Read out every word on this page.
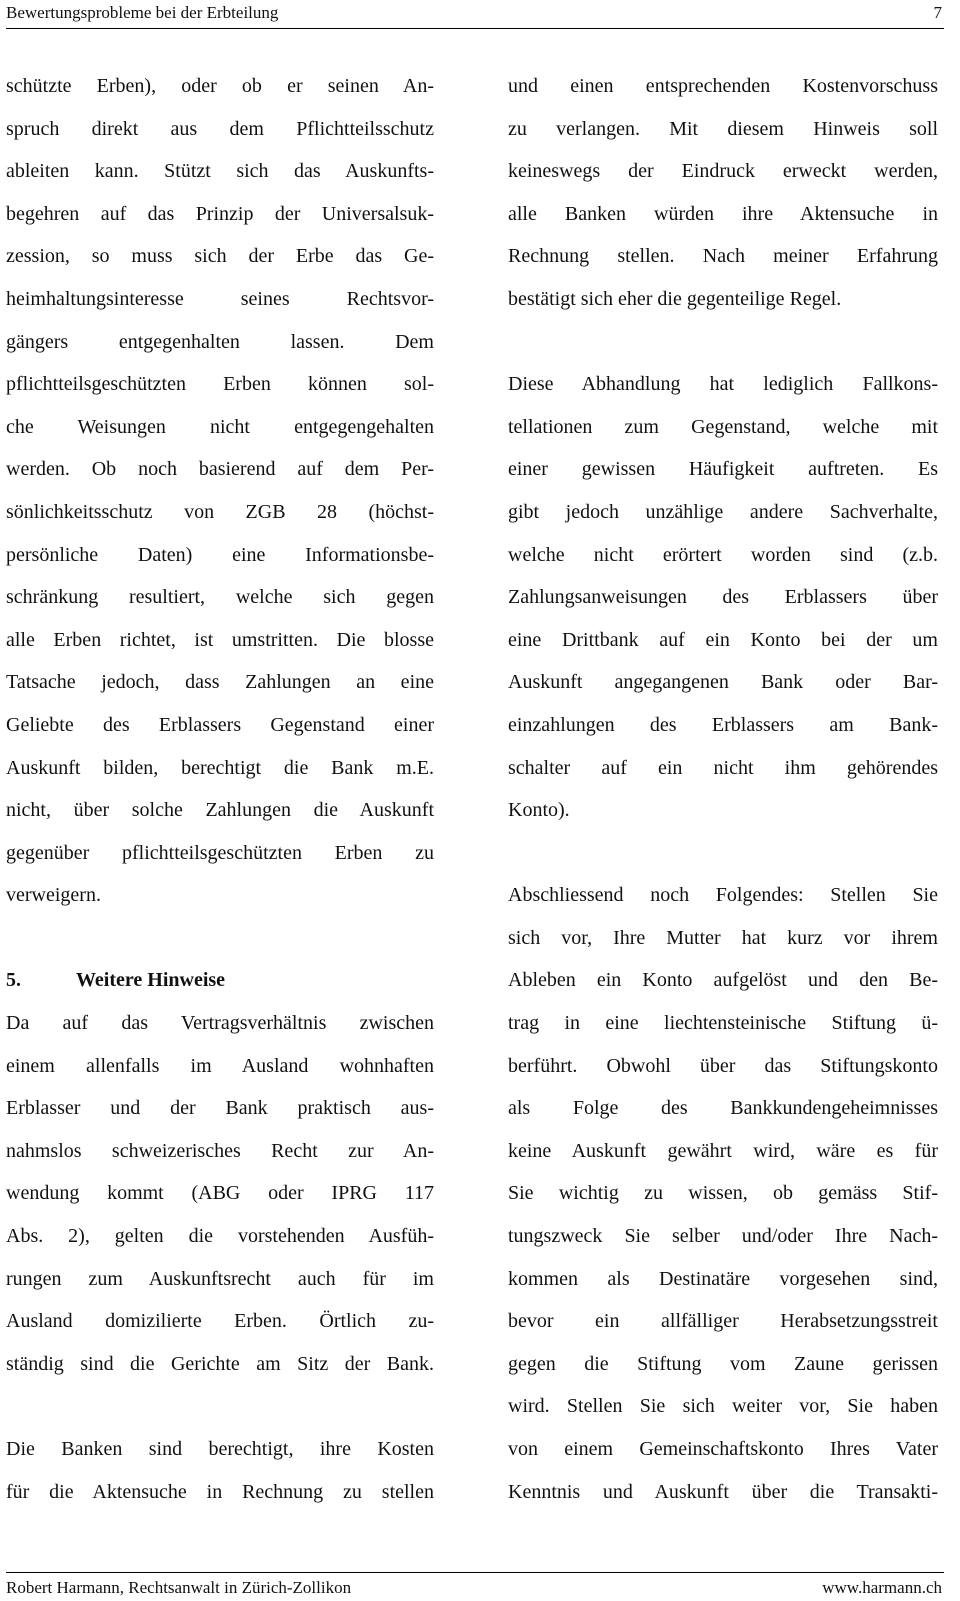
Bewertungsprobleme bei der Erbteilung	7
schützte Erben), oder ob er seinen An-
spruch direkt aus dem Pflichtteilsschutz
ableiten kann. Stützt sich das Auskunfts-
begehren auf das Prinzip der Universalsuk-
zession, so muss sich der Erbe das Ge-
heimhaltungsinteresse seines Rechtsvor-
gängers entgegenhalten lassen. Dem
pflichtteilsgeschützten Erben können sol-
che Weisungen nicht entgegengehalten
werden. Ob noch basierend auf dem Per-
sönlichkeitsschutz von ZGB 28 (höchst-
persönliche Daten) eine Informationsbe-
schränkung resultiert, welche sich gegen
alle Erben richtet, ist umstritten. Die blosse
Tatsache jedoch, dass Zahlungen an eine
Geliebte des Erblassers Gegenstand einer
Auskunft bilden, berechtigt die Bank m.E.
nicht, über solche Zahlungen die Auskunft
gegenüber pflichtteilsgeschützten Erben zu
verweigern.
5.	Weitere Hinweise
Da auf das Vertragsverhältnis zwischen
einem allenfalls im Ausland wohnhaften
Erblasser und der Bank praktisch aus-
nahmslos schweizerisches Recht zur An-
wendung kommt (ABG oder IPRG 117
Abs. 2), gelten die vorstehenden Ausfüh-
rungen zum Auskunftsrecht auch für im
Ausland domizilierte Erben. Örtlich zu-
ständig sind die Gerichte am Sitz der Bank.
Die Banken sind berechtigt, ihre Kosten
für die Aktensuche in Rechnung zu stellen
und einen entsprechenden Kostenvorschuss
zu verlangen. Mit diesem Hinweis soll
keineswegs der Eindruck erweckt werden,
alle Banken würden ihre Aktensuche in
Rechnung stellen. Nach meiner Erfahrung
bestätigt sich eher die gegenteilige Regel.
Diese Abhandlung hat lediglich Fallkons-
tellationen zum Gegenstand, welche mit
einer gewissen Häufigkeit auftreten. Es
gibt jedoch unzählige andere Sachverhalte,
welche nicht erörtert worden sind (z.b.
Zahlungsanweisungen des Erblassers über
eine Drittbank auf ein Konto bei der um
Auskunft angegangenen Bank oder Bar-
einzahlungen des Erblassers am Bank-
schalter auf ein nicht ihm gehörendes
Konto).
Abschliessend noch Folgendes: Stellen Sie
sich vor, Ihre Mutter hat kurz vor ihrem
Ableben ein Konto aufgelöst und den Be-
trag in eine liechtensteinische Stiftung ü-
berführt. Obwohl über das Stiftungskonto
als Folge des Bankkundengeheimnisses
keine Auskunft gewährt wird, wäre es für
Sie wichtig zu wissen, ob gemäss Stif-
tungszweck Sie selber und/oder Ihre Nach-
kommen als Destinatäre vorgesehen sind,
bevor ein allfälliger Herabsetzungsstreit
gegen die Stiftung vom Zaune gerissen
wird. Stellen Sie sich weiter vor, Sie haben
von einem Gemeinschaftskonto Ihres Vater
Kenntnis und Auskunft über die Transakti-
Robert Harmann, Rechtsanwalt in Zürich-Zollikon	www.harmann.ch
